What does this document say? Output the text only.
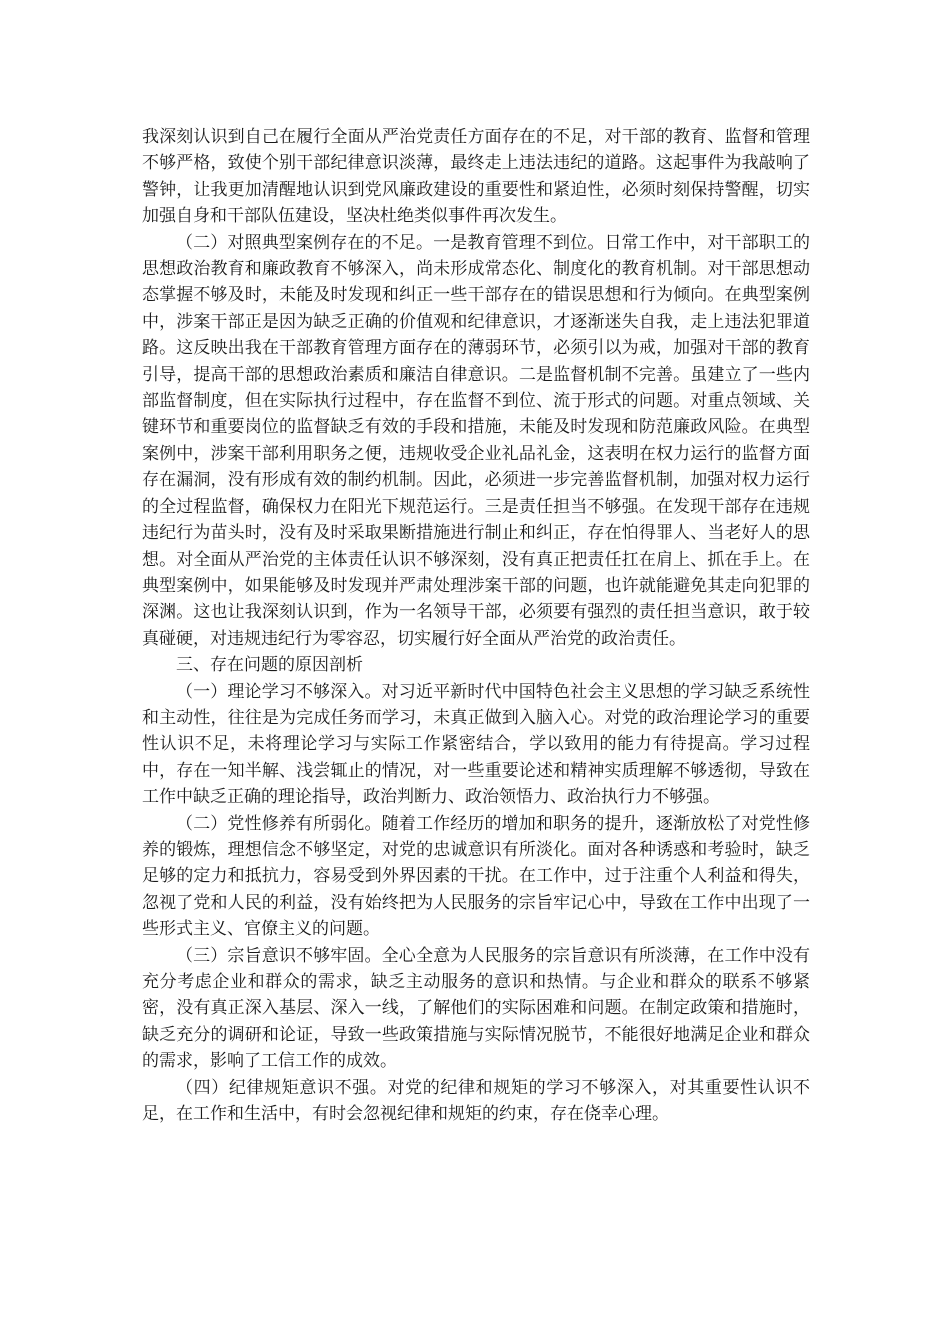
我深刻认识到自己在履行全面从严治党责任方面存在的不足，对干部的教育、监督和管理不够严格，致使个别干部纪律意识淡薄，最终走上违法违纪的道路。这起事件为我敲响了警钟，让我更加清醒地认识到党风廉政建设的重要性和紧迫性，必须时刻保持警醒，切实加强自身和干部队伍建设，坚决杜绝类似事件再次发生。

（二）对照典型案例存在的不足。一是教育管理不到位。日常工作中，对干部职工的思想政治教育和廉政教育不够深入，尚未形成常态化、制度化的教育机制。对干部思想动态掌握不够及时，未能及时发现和纠正一些干部存在的错误思想和行为倾向。在典型案例中，涉案干部正是因为缺乏正确的价值观和纪律意识，才逐渐迷失自我，走上违法犯罪道路。这反映出我在干部教育管理方面存在的薄弱环节，必须引以为戒，加强对干部的教育引导，提高干部的思想政治素质和廉洁自律意识。二是监督机制不完善。虽建立了一些内部监督制度，但在实际执行过程中，存在监督不到位、流于形式的问题。对重点领域、关键环节和重要岗位的监督缺乏有效的手段和措施，未能及时发现和防范廉政风险。在典型案例中，涉案干部利用职务之便，违规收受企业礼品礼金，这表明在权力运行的监督方面存在漏洞，没有形成有效的制约机制。因此，必须进一步完善监督机制，加强对权力运行的全过程监督，确保权力在阳光下规范运行。三是责任担当不够强。在发现干部存在违规违纪行为苗头时，没有及时采取果断措施进行制止和纠正，存在怕得罪人、当老好人的思想。对全面从严治党的主体责任认识不够深刻，没有真正把责任扛在肩上、抓在手上。在典型案例中，如果能够及时发现并严肃处理涉案干部的问题，也许就能避免其走向犯罪的深渊。这也让我深刻认识到，作为一名领导干部，必须要有强烈的责任担当意识，敢于较真碰硬，对违规违纪行为零容忍，切实履行好全面从严治党的政治责任。

三、存在问题的原因剖析

（一）理论学习不够深入。对习近平新时代中国特色社会主义思想的学习缺乏系统性和主动性，往往是为完成任务而学习，未真正做到入脑入心。对党的政治理论学习的重要性认识不足，未将理论学习与实际工作紧密结合，学以致用的能力有待提高。学习过程中，存在一知半解、浅尝辄止的情况，对一些重要论述和精神实质理解不够透彻，导致在工作中缺乏正确的理论指导，政治判断力、政治领悟力、政治执行力不够强。

（二）党性修养有所弱化。随着工作经历的增加和职务的提升，逐渐放松了对党性修养的锻炼，理想信念不够坚定，对党的忠诚意识有所淡化。面对各种诱惑和考验时，缺乏足够的定力和抵抗力，容易受到外界因素的干扰。在工作中，过于注重个人利益和得失，忽视了党和人民的利益，没有始终把为人民服务的宗旨牢记心中，导致在工作中出现了一些形式主义、官僚主义的问题。

（三）宗旨意识不够牢固。全心全意为人民服务的宗旨意识有所淡薄，在工作中没有充分考虑企业和群众的需求，缺乏主动服务的意识和热情。与企业和群众的联系不够紧密，没有真正深入基层、深入一线，了解他们的实际困难和问题。在制定政策和措施时，缺乏充分的调研和论证，导致一些政策措施与实际情况脱节，不能很好地满足企业和群众的需求，影响了工信工作的成效。

（四）纪律规矩意识不强。对党的纪律和规矩的学习不够深入，对其重要性认识不足，在工作和生活中，有时会忽视纪律和规矩的约束，存在侥幸心理。
